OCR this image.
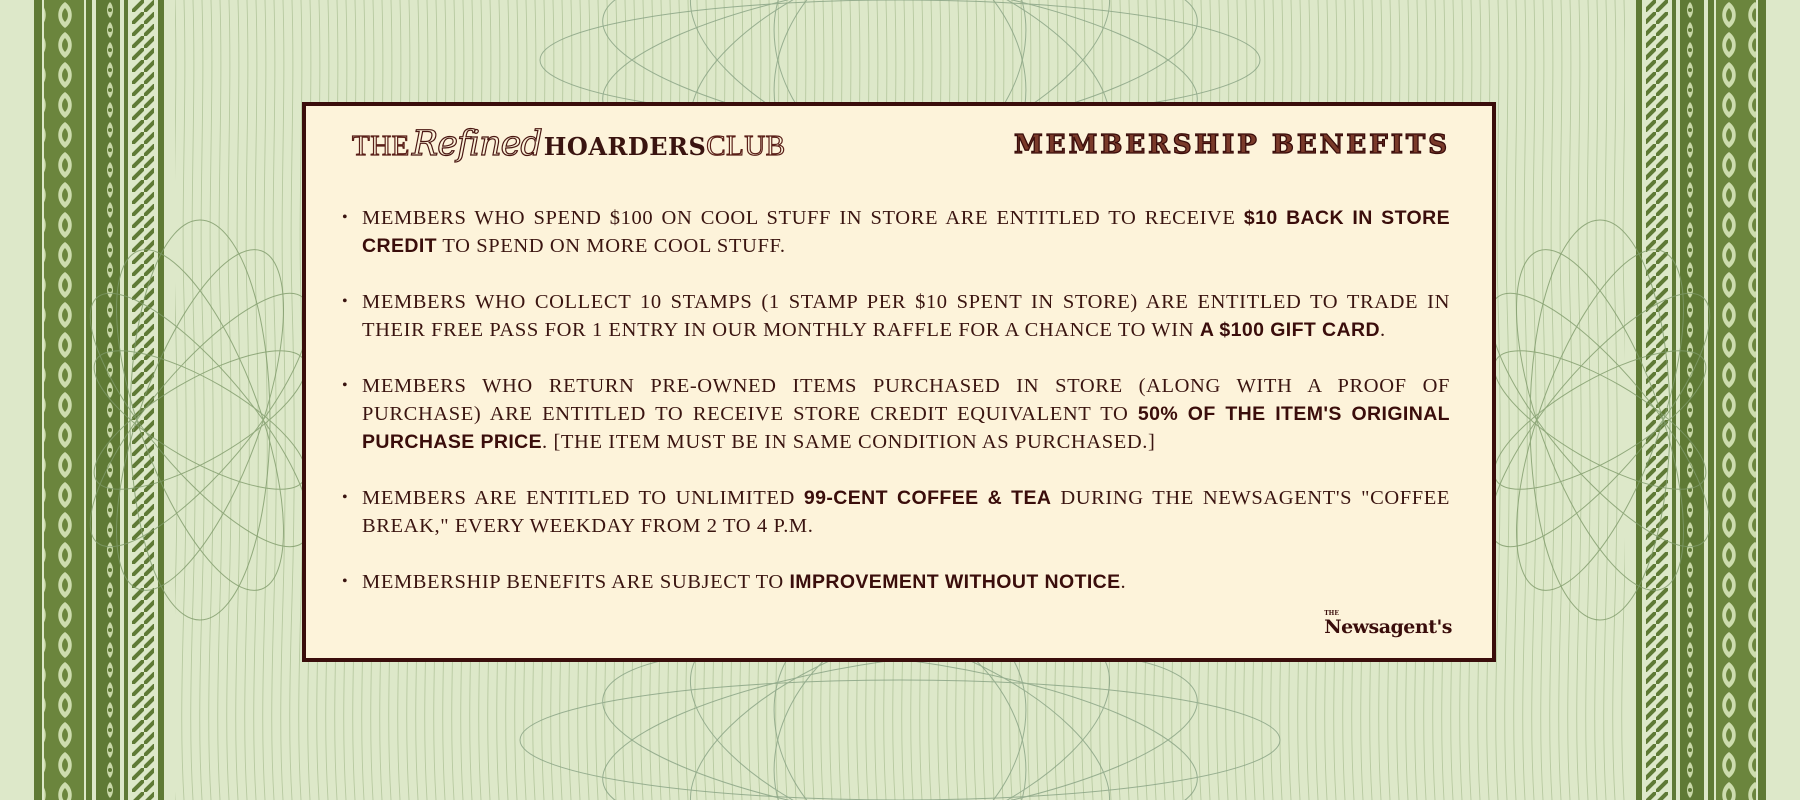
THE Refined HOARDERS CLUB	MEMBERSHIP BENEFITS
• MEMBERS WHO SPEND $100 ON COOL STUFF IN STORE ARE ENTITLED TO RECEIVE $10 BACK IN STORE CREDIT TO SPEND ON MORE COOL STUFF.
• MEMBERS WHO COLLECT 10 STAMPS (1 STAMP PER $10 SPENT IN STORE) ARE ENTITLED TO TRADE IN THEIR FREE PASS FOR 1 ENTRY IN OUR MONTHLY RAFFLE FOR A CHANCE TO WIN A $100 GIFT CARD.
• MEMBERS WHO RETURN PRE-OWNED ITEMS PURCHASED IN STORE (ALONG WITH A PROOF OF PURCHASE) ARE ENTITLED TO RECEIVE STORE CREDIT EQUIVALENT TO 50% OF THE ITEM'S ORIGINAL PURCHASE PRICE. [THE ITEM MUST BE IN SAME CONDITION AS PURCHASED.]
• MEMBERS ARE ENTITLED TO UNLIMITED 99-CENT COFFEE & TEA DURING THE NEWSAGENT'S "COFFEE BREAK," EVERY WEEKDAY FROM 2 TO 4 P.M.
• MEMBERSHIP BENEFITS ARE SUBJECT TO IMPROVEMENT WITHOUT NOTICE.
THE
Newsagent's
